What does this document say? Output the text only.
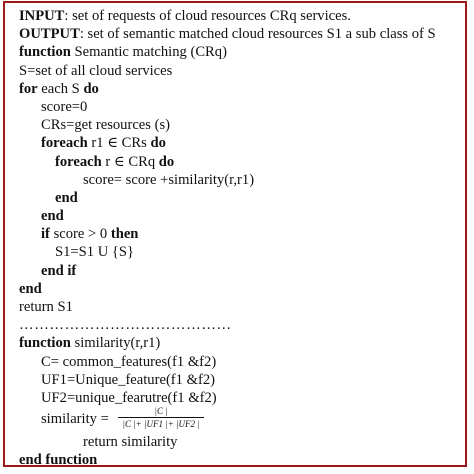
INPUT: set of requests of cloud resources CRq services.
OUTPUT: set of semantic matched cloud resources S1 a sub class of S
function Semantic matching (CRq)
S=set of all cloud services
for each S do
score=0
CRs=get resources (s)
foreach r1 ∈ CRs do
foreach r ∈ CRq do
score= score +similarity(r,r1)
end
end
if score > 0 then
S1=S1 U {S}
end if
end
return S1
……………………………………
function similarity(r,r1)
C= common_features(f1 &f2)
UF1=Unique_feature(f1 &f2)
UF2=unique_fearutre(f1 &f2)
similarity = $\frac{|C |}{|C |+ |UF1 |+ |UF2 |}$
return similarity
end function
